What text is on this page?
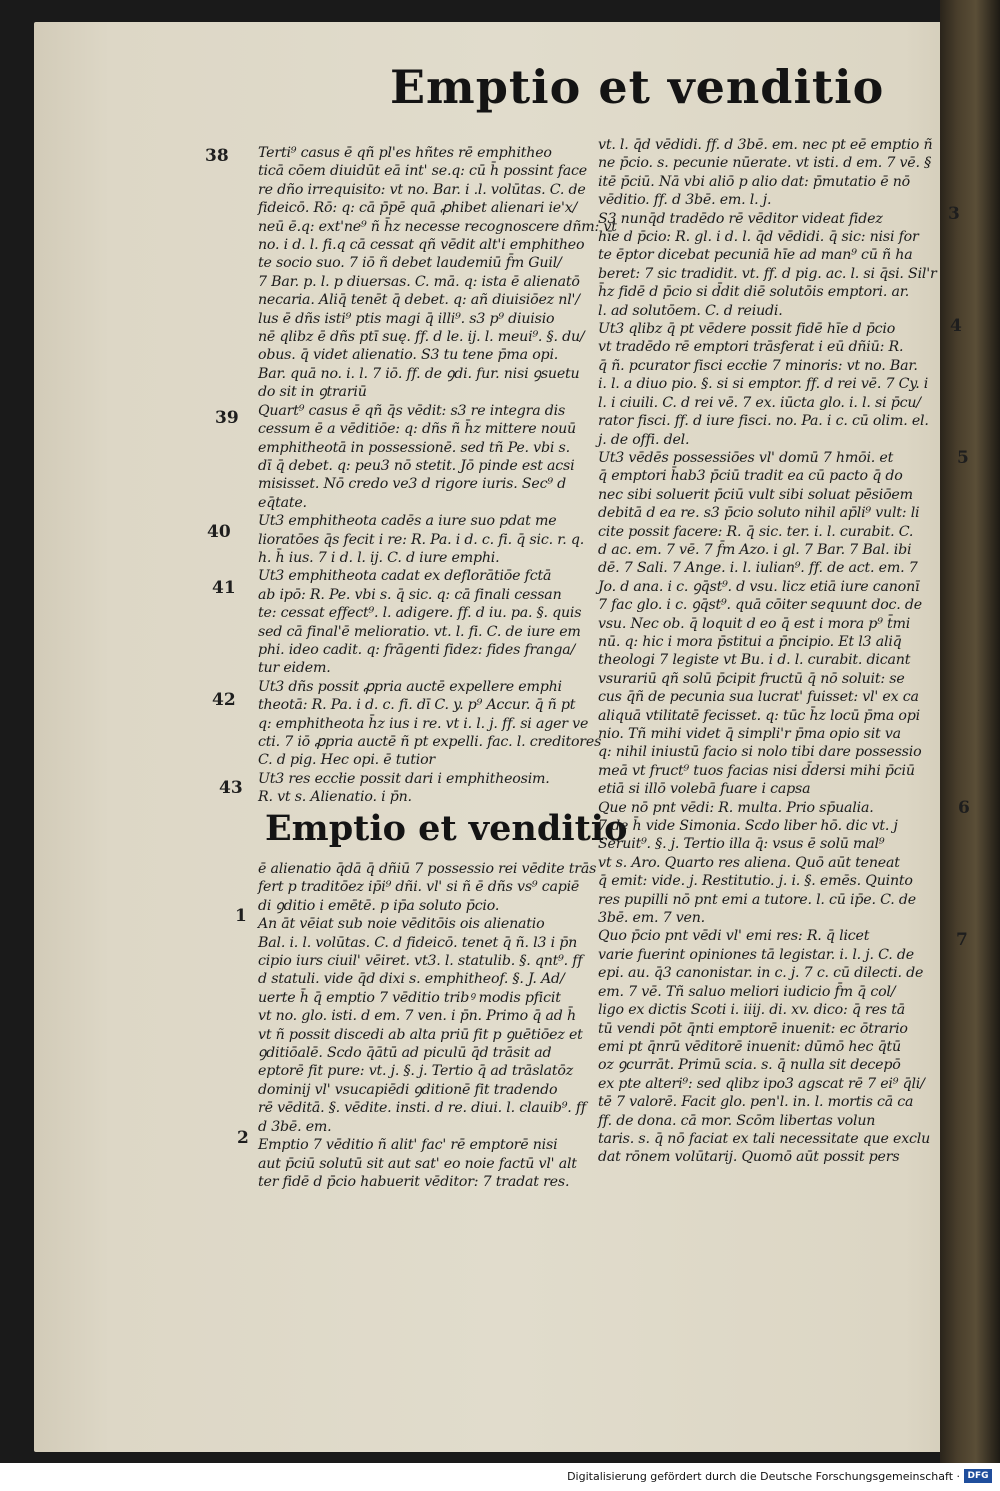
Emptio et venditio
38
39
40
41
42
43
1
2
3
4
5
6
7
Terti⁹ casus ē qñ pl'es hñtes rē emphitheo
ticā cōem diuidūt eā int' se.q: cū h̄ possint face
re dño irrequisito: vt no. Bar. i .l. volūtas. C. de
fideicō. Rō: q: cā p̄pē quā ꝓhibet alienari ie'x/
neū ē.q: ext'ne⁹ ñ h̄z necesse recognoscere dñm: vt
no. i d. l. fi.q cā cessat qñ vēdit alt'i emphitheo
te socio suo. 7 iō ñ debet laudemiū f̄m Guil/
7 Bar. p. l. p diuersas. C. mā. q: ista ē alienatō
necaria. Aliq̄ tenēt q̄ debet. q: añ diuisiōez nl'/
lus ē dñs isti⁹ ptis magi q̄ illi⁹. s3 p⁹ diuisio
nē qlibz ē dñs ptī suę. ff. d le. ij. l. meui⁹. §. du/
obus. q̄ videt alienatio. S3 tu tene p̄ma opi.
Bar. quā no. i. l. 7 iō. ff. de ꝯdi. fur. nisi ꝯsuetu
do sit in ꝯtrariū
Quart⁹ casus ē qñ q̄s vēdit: s3 re integra dis
cessum ē a vēditiōe: q: dñs ñ h̄z mittere nouū
emphitheotā in possessionē. sed tñ Pe. vbi s.
dī q̄ debet. q: peu3 nō stetit. Jō pinde est acsi
misisset. Nō credo ve3 d rigore iuris. Sec⁹ d
eq̄tate.
Ut3 emphitheota cadēs a iure suo pdat me
lioratōes q̄s fecit i re: R. Pa. i d. c. fi. q̄ sic. r. q.
h. h̄ ius. 7 i d. l. ij. C. d iure emphi.
Ut3 emphitheota cadat ex deflorātiōe fctā
ab ipō: R. Pe. vbi s. q̄ sic. q: cā finali cessan
te: cessat effect⁹. l. adigere. ff. d iu. pa. §. quis
sed cā final'ē melioratio. vt. l. fi. C. de iure em
phi. ideo cadit. q: frāgenti fidez: fides franga/
tur eidem.
Ut3 dñs possit ꝓpria auctē expellere emphi
theotā: R. Pa. i d. c. fi. dī C. y. p⁹ Accur. q̄ ñ pt
q: emphitheota h̄z ius i re. vt i. l. j. ff. si ager ve
cti. 7 iō ꝓpria auctē ñ pt expelli. fac. l. creditores
C. d pig. Hec opi. ē tutior
Ut3 res eccłie possit dari i emphitheosim.
R. vt s. Alienatio. i p̄n.
Emptio et venditio
ē alienatio q̄dā q̄ dñiū 7 possessio rei vēdite trās
fert p traditōez ip̄i⁹ dñi. vl' si ñ ē dñs vs⁹ capiē
di ꝯditio i emētē. p ip̄a soluto p̄cio.
An āt vēiat sub noie vēditōis ois alienatio
Bal. i. l. volūtas. C. d fideicō. tenet q̄ ñ. l3 i p̄n
cipio iurs ciuil' vēiret. vt3. l. statulib. §. qnt⁹. ff
d statuli. vide q̄d dixi s. emphitheof. §. J. Ad/
uerte h̄ q̄ emptio 7 vēditio tribꝰ modis pficit
vt no. glo. isti. d em. 7 ven. i p̄n. Primo q̄ ad h̄
vt ñ possit discedi ab alta priū fit p ꝯuētiōez et
ꝯditiōalē. Scdo q̄ātū ad piculū q̄d trāsit ad
eptorē fit pure: vt. j. §. j. Tertio q̄ ad trāslatōz
dominij vl' vsucapiēdi ꝯditionē fit tradendo
rē vēditā. §. vēdite. insti. d re. diui. l. clauib⁹. ff
d 3bē. em.
Emptio 7 vēditio ñ alit' fac' rē emptorē nisi
aut p̄ciū solutū sit aut sat' eo noie factū vl' alt
ter fidē d p̄cio habuerit vēditor: 7 tradat res.
vt. l. q̄d vēdidi. ff. d 3bē. em. nec pt eē emptio ñ
ne p̄cio. s. pecunie nūerate. vt isti. d em. 7 vē. §
itē p̄ciū. Nā vbi aliō p alio dat: p̄mutatio ē nō
vēditio. ff. d 3bē. em. l. j.
S3 nunq̄d tradēdo rē vēditor videat fidez
hīe d p̄cio: R. gl. i d. l. q̄d vēdidi. q̄ sic: nisi for
te ēptor dicebat pecuniā hīe ad man⁹ cū ñ ha
beret: 7 sic tradidit. vt. ff. d pig. ac. l. si q̄si. Sil'r
h̄z fidē d p̄cio si d̄dit diē solutōis emptori. ar.
l. ad solutōem. C. d reiudi.
Ut3 qlibz q̄ pt vēdere possit fidē hīe d p̄cio
vt tradēdo rē emptori trāsferat i eū dñiū: R.
q̄ ñ. pcurator fisci eccłie 7 minoris: vt no. Bar.
i. l. a diuo pio. §. si si emptor. ff. d rei vē. 7 Cy. i
l. i ciuili. C. d rei vē. 7 ex. iūcta glo. i. l. si p̄cu/
rator fisci. ff. d iure fisci. no. Pa. i c. cū olim. el.
j. de offi. del.
Ut3 vēdēs possessiōes vl' domū 7 hmōi. et
q̄ emptori h̄ab3 p̄ciū tradit ea cū pacto q̄ do
nec sibi soluerit p̄ciū vult sibi soluat pēsiōem
debitā d ea re. s3 p̄cio soluto nihil ap̄li⁹ vult: li
cite possit facere: R. q̄ sic. ter. i. l. curabit. C.
d ac. em. 7 vē. 7 f̄m Azo. i gl. 7 Bar. 7 Bal. ibi
dē. 7 Sali. 7 Ange. i. l. iulian⁹. ff. de act. em. 7
Jo. d ana. i c. ꝯq̄st⁹. d vsu. licz etiā iure canonī
7 fac glo. i c. ꝯq̄st⁹. quā cōiter sequunt doc. de
vsu. Nec ob. q̄ loquit d eo q̄ est i mora p⁹ t̄mi
nū. q: hic i mora p̄stitui a p̄ncipio. Et l3 aliq̄
theologi 7 legiste vt Bu. i d. l. curabit. dicant
vsurariū qñ solū p̄cipit fructū q̄ nō soluit: se
cus q̄ñ de pecunia sua lucrat' fuisset: vl' ex ca
aliquā vtilitatē fecisset. q: tūc h̄z locū p̄ma opi
nio. Tñ mihi videt q̄ simpli'r p̄ma opio sit va
q: nihil iniustū facio si nolo tibi dare possessio
meā vt fruct⁹ tuos facias nisi d̄dersi mihi p̄ciū
etiā si illō volebā fuare i capsa
Que nō pnt vēdi: R. multa. Prio sp̄ualia.
7 de h̄ vide Simonia. Scdo liber hō. dic vt. j
Seruit⁹. §. j. Tertio illa q̄: vsus ē solū mal⁹
vt s. Aro. Quarto res aliena. Quō aūt teneat
q̄ emit: vide. j. Restitutio. j. i. §. emēs. Quinto
res pupilli nō pnt emi a tutore. l. cū ip̄e. C. de
3bē. em. 7 ven.
Quo p̄cio pnt vēdi vl' emi res: R. q̄ licet
varie fuerint opiniones tā legistar. i. l. j. C. de
epi. au. q̄3 canonistar. in c. j. 7 c. cū dilecti. de
em. 7 vē. Tñ saluo meliori iudicio f̄m q̄ col/
ligo ex dictis Scoti i. iiij. di. xv. dico: q̄ res tā
tū vendi pōt q̄nti emptorē inuenit: ec ōtrario
emi pt q̄nrū vēditorē inuenit: dūmō hec q̄tū
oz ꝯcurrāt. Primū scia. s. q̄ nulla sit decepō
ex pte alteri⁹: sed qlibz ipo3 agscat rē 7 ei⁹ q̄li/
tē 7 valorē. Facit glo. pen'l. in. l. mortis cā ca
ff. de dona. cā mor. Scōm libertas volun
taris. s. q̄ nō faciat ex tali necessitate que exclu
dat rōnem volūtarij. Quomō aūt possit pers
Digitalisierung gefördert durch die Deutsche Forschungsgemeinschaft · DFG
